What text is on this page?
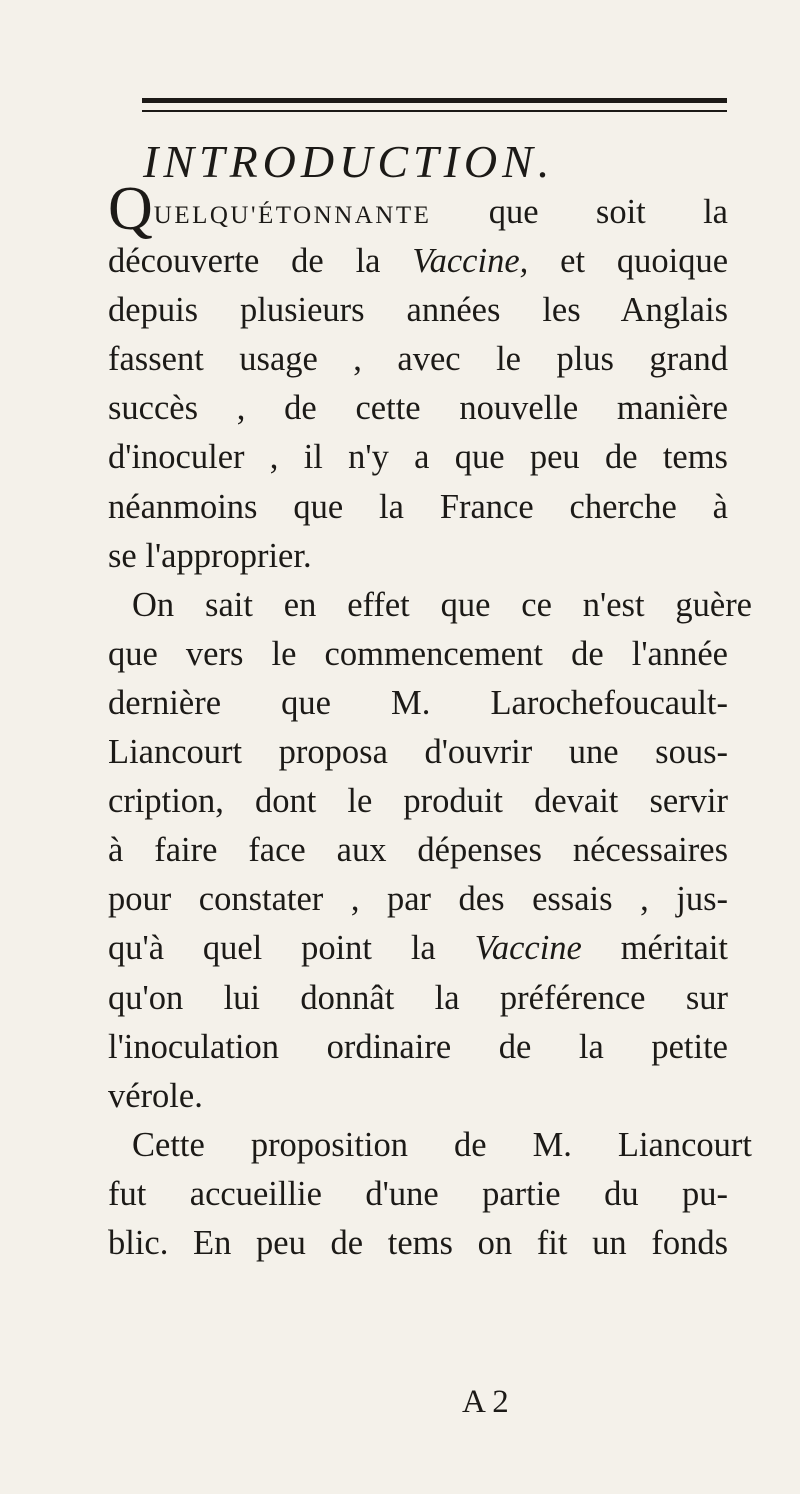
INTRODUCTION.
QUELQU'ÉTONNANTE que soit la
découverte de la Vaccine, et quoique
depuis plusieurs années les Anglais
fassent usage , avec le plus grand
succès , de cette nouvelle manière
d'inoculer , il n'y a que peu de tems
néanmoins que la France cherche à
se l'approprier.
On sait en effet que ce n'est guère
que vers le commencement de l'année
dernière que M. Larochefoucault-
Liancourt proposa d'ouvrir une sous-
cription, dont le produit devait servir
à faire face aux dépenses nécessaires
pour constater , par des essais , jus-
qu'à quel point la Vaccine méritait
qu'on lui donnât la préférence sur
l'inoculation ordinaire de la petite
vérole.
Cette proposition de M. Liancourt
fut accueillie d'une partie du pu-
blic. En peu de tems on fit un fonds
A 2
